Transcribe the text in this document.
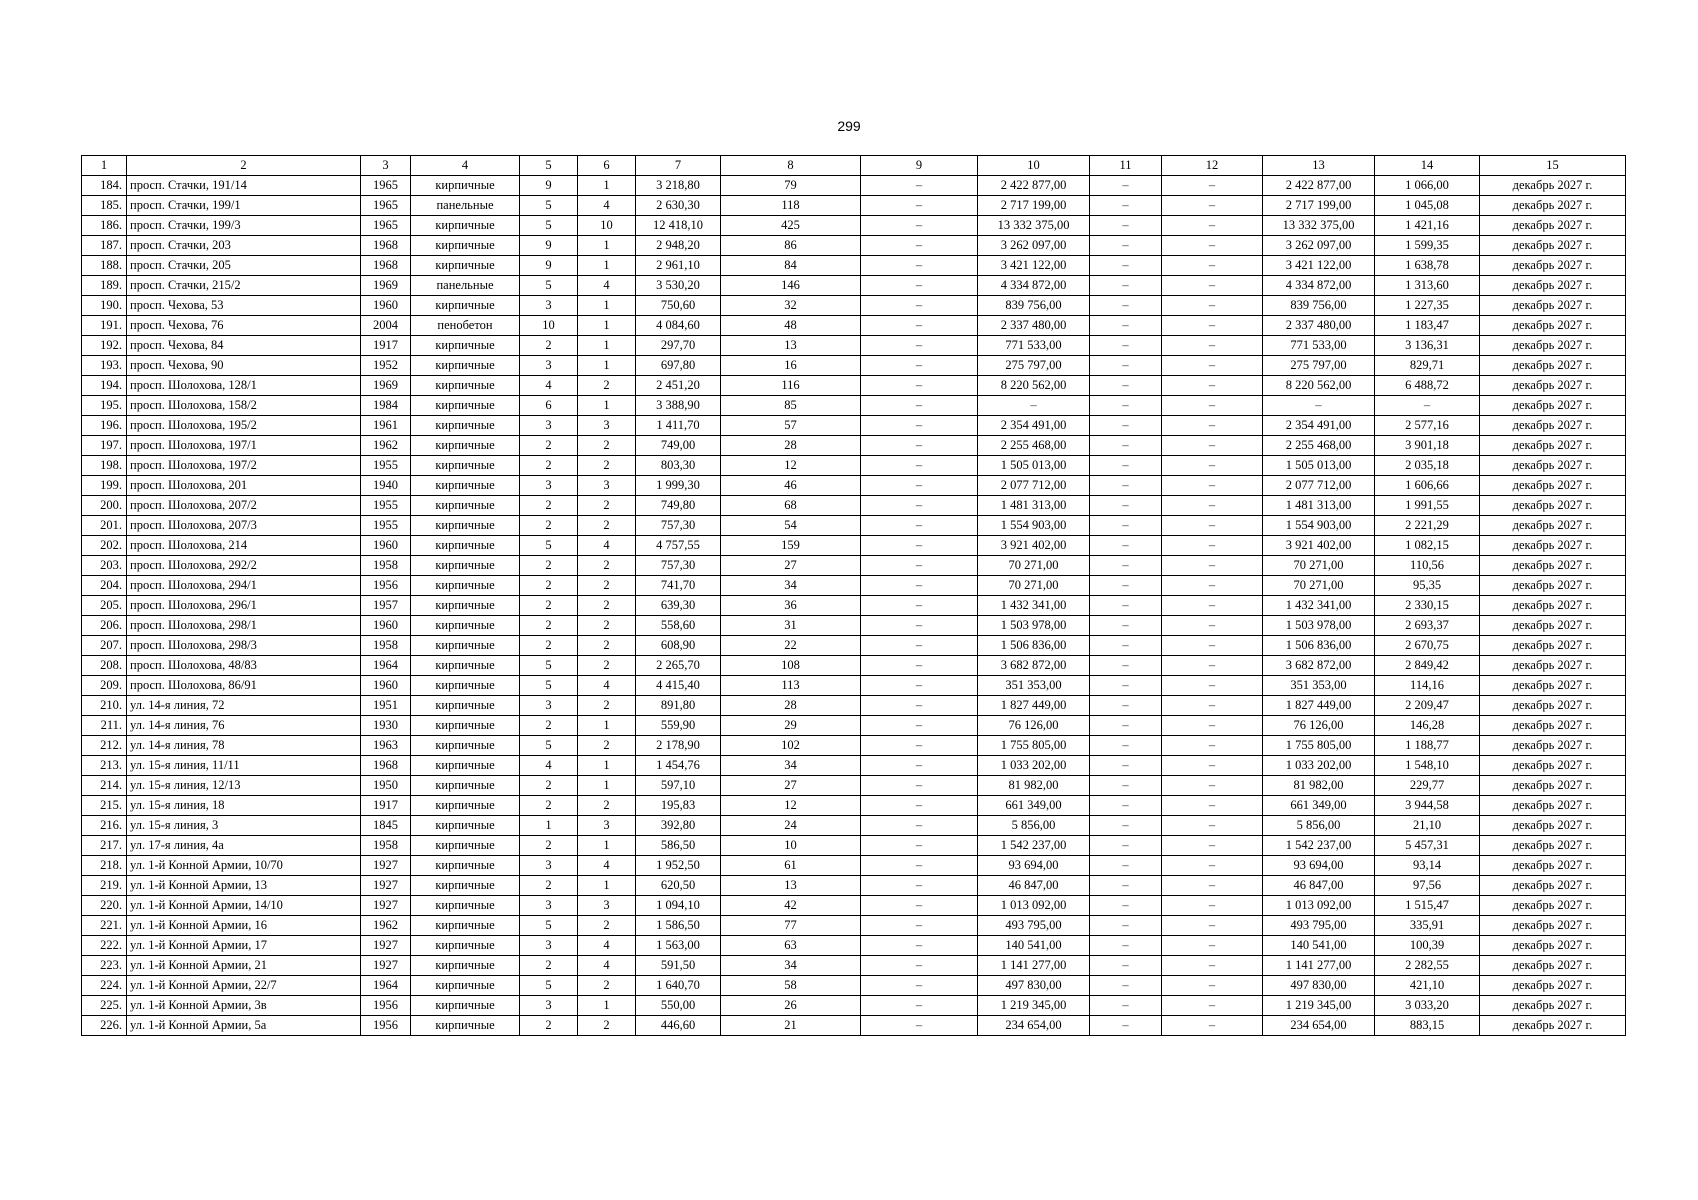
299
1	2	3	4	5	6	7	8	9	10	11	12	13	14	15
184.	просп. Стачки, 191/14	1965	кирпичные	9	1	3 218,80	79	–	2 422 877,00	–	–	2 422 877,00	1 066,00	декабрь 2027 г.
185.	просп. Стачки, 199/1	1965	панельные	5	4	2 630,30	118	–	2 717 199,00	–	–	2 717 199,00	1 045,08	декабрь 2027 г.
186.	просп. Стачки, 199/3	1965	кирпичные	5	10	12 418,10	425	–	13 332 375,00	–	–	13 332 375,00	1 421,16	декабрь 2027 г.
187.	просп. Стачки, 203	1968	кирпичные	9	1	2 948,20	86	–	3 262 097,00	–	–	3 262 097,00	1 599,35	декабрь 2027 г.
188.	просп. Стачки, 205	1968	кирпичные	9	1	2 961,10	84	–	3 421 122,00	–	–	3 421 122,00	1 638,78	декабрь 2027 г.
189.	просп. Стачки, 215/2	1969	панельные	5	4	3 530,20	146	–	4 334 872,00	–	–	4 334 872,00	1 313,60	декабрь 2027 г.
190.	просп. Чехова, 53	1960	кирпичные	3	1	750,60	32	–	839 756,00	–	–	839 756,00	1 227,35	декабрь 2027 г.
191.	просп. Чехова, 76	2004	пенобетон	10	1	4 084,60	48	–	2 337 480,00	–	–	2 337 480,00	1 183,47	декабрь 2027 г.
192.	просп. Чехова, 84	1917	кирпичные	2	1	297,70	13	–	771 533,00	–	–	771 533,00	3 136,31	декабрь 2027 г.
193.	просп. Чехова, 90	1952	кирпичные	3	1	697,80	16	–	275 797,00	–	–	275 797,00	829,71	декабрь 2027 г.
194.	просп. Шолохова, 128/1	1969	кирпичные	4	2	2 451,20	116	–	8 220 562,00	–	–	8 220 562,00	6 488,72	декабрь 2027 г.
195.	просп. Шолохова, 158/2	1984	кирпичные	6	1	3 388,90	85	–	–	–	–	–	–	декабрь 2027 г.
196.	просп. Шолохова, 195/2	1961	кирпичные	3	3	1 411,70	57	–	2 354 491,00	–	–	2 354 491,00	2 577,16	декабрь 2027 г.
197.	просп. Шолохова, 197/1	1962	кирпичные	2	2	749,00	28	–	2 255 468,00	–	–	2 255 468,00	3 901,18	декабрь 2027 г.
198.	просп. Шолохова, 197/2	1955	кирпичные	2	2	803,30	12	–	1 505 013,00	–	–	1 505 013,00	2 035,18	декабрь 2027 г.
199.	просп. Шолохова, 201	1940	кирпичные	3	3	1 999,30	46	–	2 077 712,00	–	–	2 077 712,00	1 606,66	декабрь 2027 г.
200.	просп. Шолохова, 207/2	1955	кирпичные	2	2	749,80	68	–	1 481 313,00	–	–	1 481 313,00	1 991,55	декабрь 2027 г.
201.	просп. Шолохова, 207/3	1955	кирпичные	2	2	757,30	54	–	1 554 903,00	–	–	1 554 903,00	2 221,29	декабрь 2027 г.
202.	просп. Шолохова, 214	1960	кирпичные	5	4	4 757,55	159	–	3 921 402,00	–	–	3 921 402,00	1 082,15	декабрь 2027 г.
203.	просп. Шолохова, 292/2	1958	кирпичные	2	2	757,30	27	–	70 271,00	–	–	70 271,00	110,56	декабрь 2027 г.
204.	просп. Шолохова, 294/1	1956	кирпичные	2	2	741,70	34	–	70 271,00	–	–	70 271,00	95,35	декабрь 2027 г.
205.	просп. Шолохова, 296/1	1957	кирпичные	2	2	639,30	36	–	1 432 341,00	–	–	1 432 341,00	2 330,15	декабрь 2027 г.
206.	просп. Шолохова, 298/1	1960	кирпичные	2	2	558,60	31	–	1 503 978,00	–	–	1 503 978,00	2 693,37	декабрь 2027 г.
207.	просп. Шолохова, 298/3	1958	кирпичные	2	2	608,90	22	–	1 506 836,00	–	–	1 506 836,00	2 670,75	декабрь 2027 г.
208.	просп. Шолохова, 48/83	1964	кирпичные	5	2	2 265,70	108	–	3 682 872,00	–	–	3 682 872,00	2 849,42	декабрь 2027 г.
209.	просп. Шолохова, 86/91	1960	кирпичные	5	4	4 415,40	113	–	351 353,00	–	–	351 353,00	114,16	декабрь 2027 г.
210.	ул. 14-я линия, 72	1951	кирпичные	3	2	891,80	28	–	1 827 449,00	–	–	1 827 449,00	2 209,47	декабрь 2027 г.
211.	ул. 14-я линия, 76	1930	кирпичные	2	1	559,90	29	–	76 126,00	–	–	76 126,00	146,28	декабрь 2027 г.
212.	ул. 14-я линия, 78	1963	кирпичные	5	2	2 178,90	102	–	1 755 805,00	–	–	1 755 805,00	1 188,77	декабрь 2027 г.
213.	ул. 15-я линия, 11/11	1968	кирпичные	4	1	1 454,76	34	–	1 033 202,00	–	–	1 033 202,00	1 548,10	декабрь 2027 г.
214.	ул. 15-я линия, 12/13	1950	кирпичные	2	1	597,10	27	–	81 982,00	–	–	81 982,00	229,77	декабрь 2027 г.
215.	ул. 15-я линия, 18	1917	кирпичные	2	2	195,83	12	–	661 349,00	–	–	661 349,00	3 944,58	декабрь 2027 г.
216.	ул. 15-я линия, 3	1845	кирпичные	1	3	392,80	24	–	5 856,00	–	–	5 856,00	21,10	декабрь 2027 г.
217.	ул. 17-я линия, 4а	1958	кирпичные	2	1	586,50	10	–	1 542 237,00	–	–	1 542 237,00	5 457,31	декабрь 2027 г.
218.	ул. 1-й Конной Армии, 10/70	1927	кирпичные	3	4	1 952,50	61	–	93 694,00	–	–	93 694,00	93,14	декабрь 2027 г.
219.	ул. 1-й Конной Армии, 13	1927	кирпичные	2	1	620,50	13	–	46 847,00	–	–	46 847,00	97,56	декабрь 2027 г.
220.	ул. 1-й Конной Армии, 14/10	1927	кирпичные	3	3	1 094,10	42	–	1 013 092,00	–	–	1 013 092,00	1 515,47	декабрь 2027 г.
221.	ул. 1-й Конной Армии, 16	1962	кирпичные	5	2	1 586,50	77	–	493 795,00	–	–	493 795,00	335,91	декабрь 2027 г.
222.	ул. 1-й Конной Армии, 17	1927	кирпичные	3	4	1 563,00	63	–	140 541,00	–	–	140 541,00	100,39	декабрь 2027 г.
223.	ул. 1-й Конной Армии, 21	1927	кирпичные	2	4	591,50	34	–	1 141 277,00	–	–	1 141 277,00	2 282,55	декабрь 2027 г.
224.	ул. 1-й Конной Армии, 22/7	1964	кирпичные	5	2	1 640,70	58	–	497 830,00	–	–	497 830,00	421,10	декабрь 2027 г.
225.	ул. 1-й Конной Армии, 3в	1956	кирпичные	3	1	550,00	26	–	1 219 345,00	–	–	1 219 345,00	3 033,20	декабрь 2027 г.
226.	ул. 1-й Конной Армии, 5а	1956	кирпичные	2	2	446,60	21	–	234 654,00	–	–	234 654,00	883,15	декабрь 2027 г.
